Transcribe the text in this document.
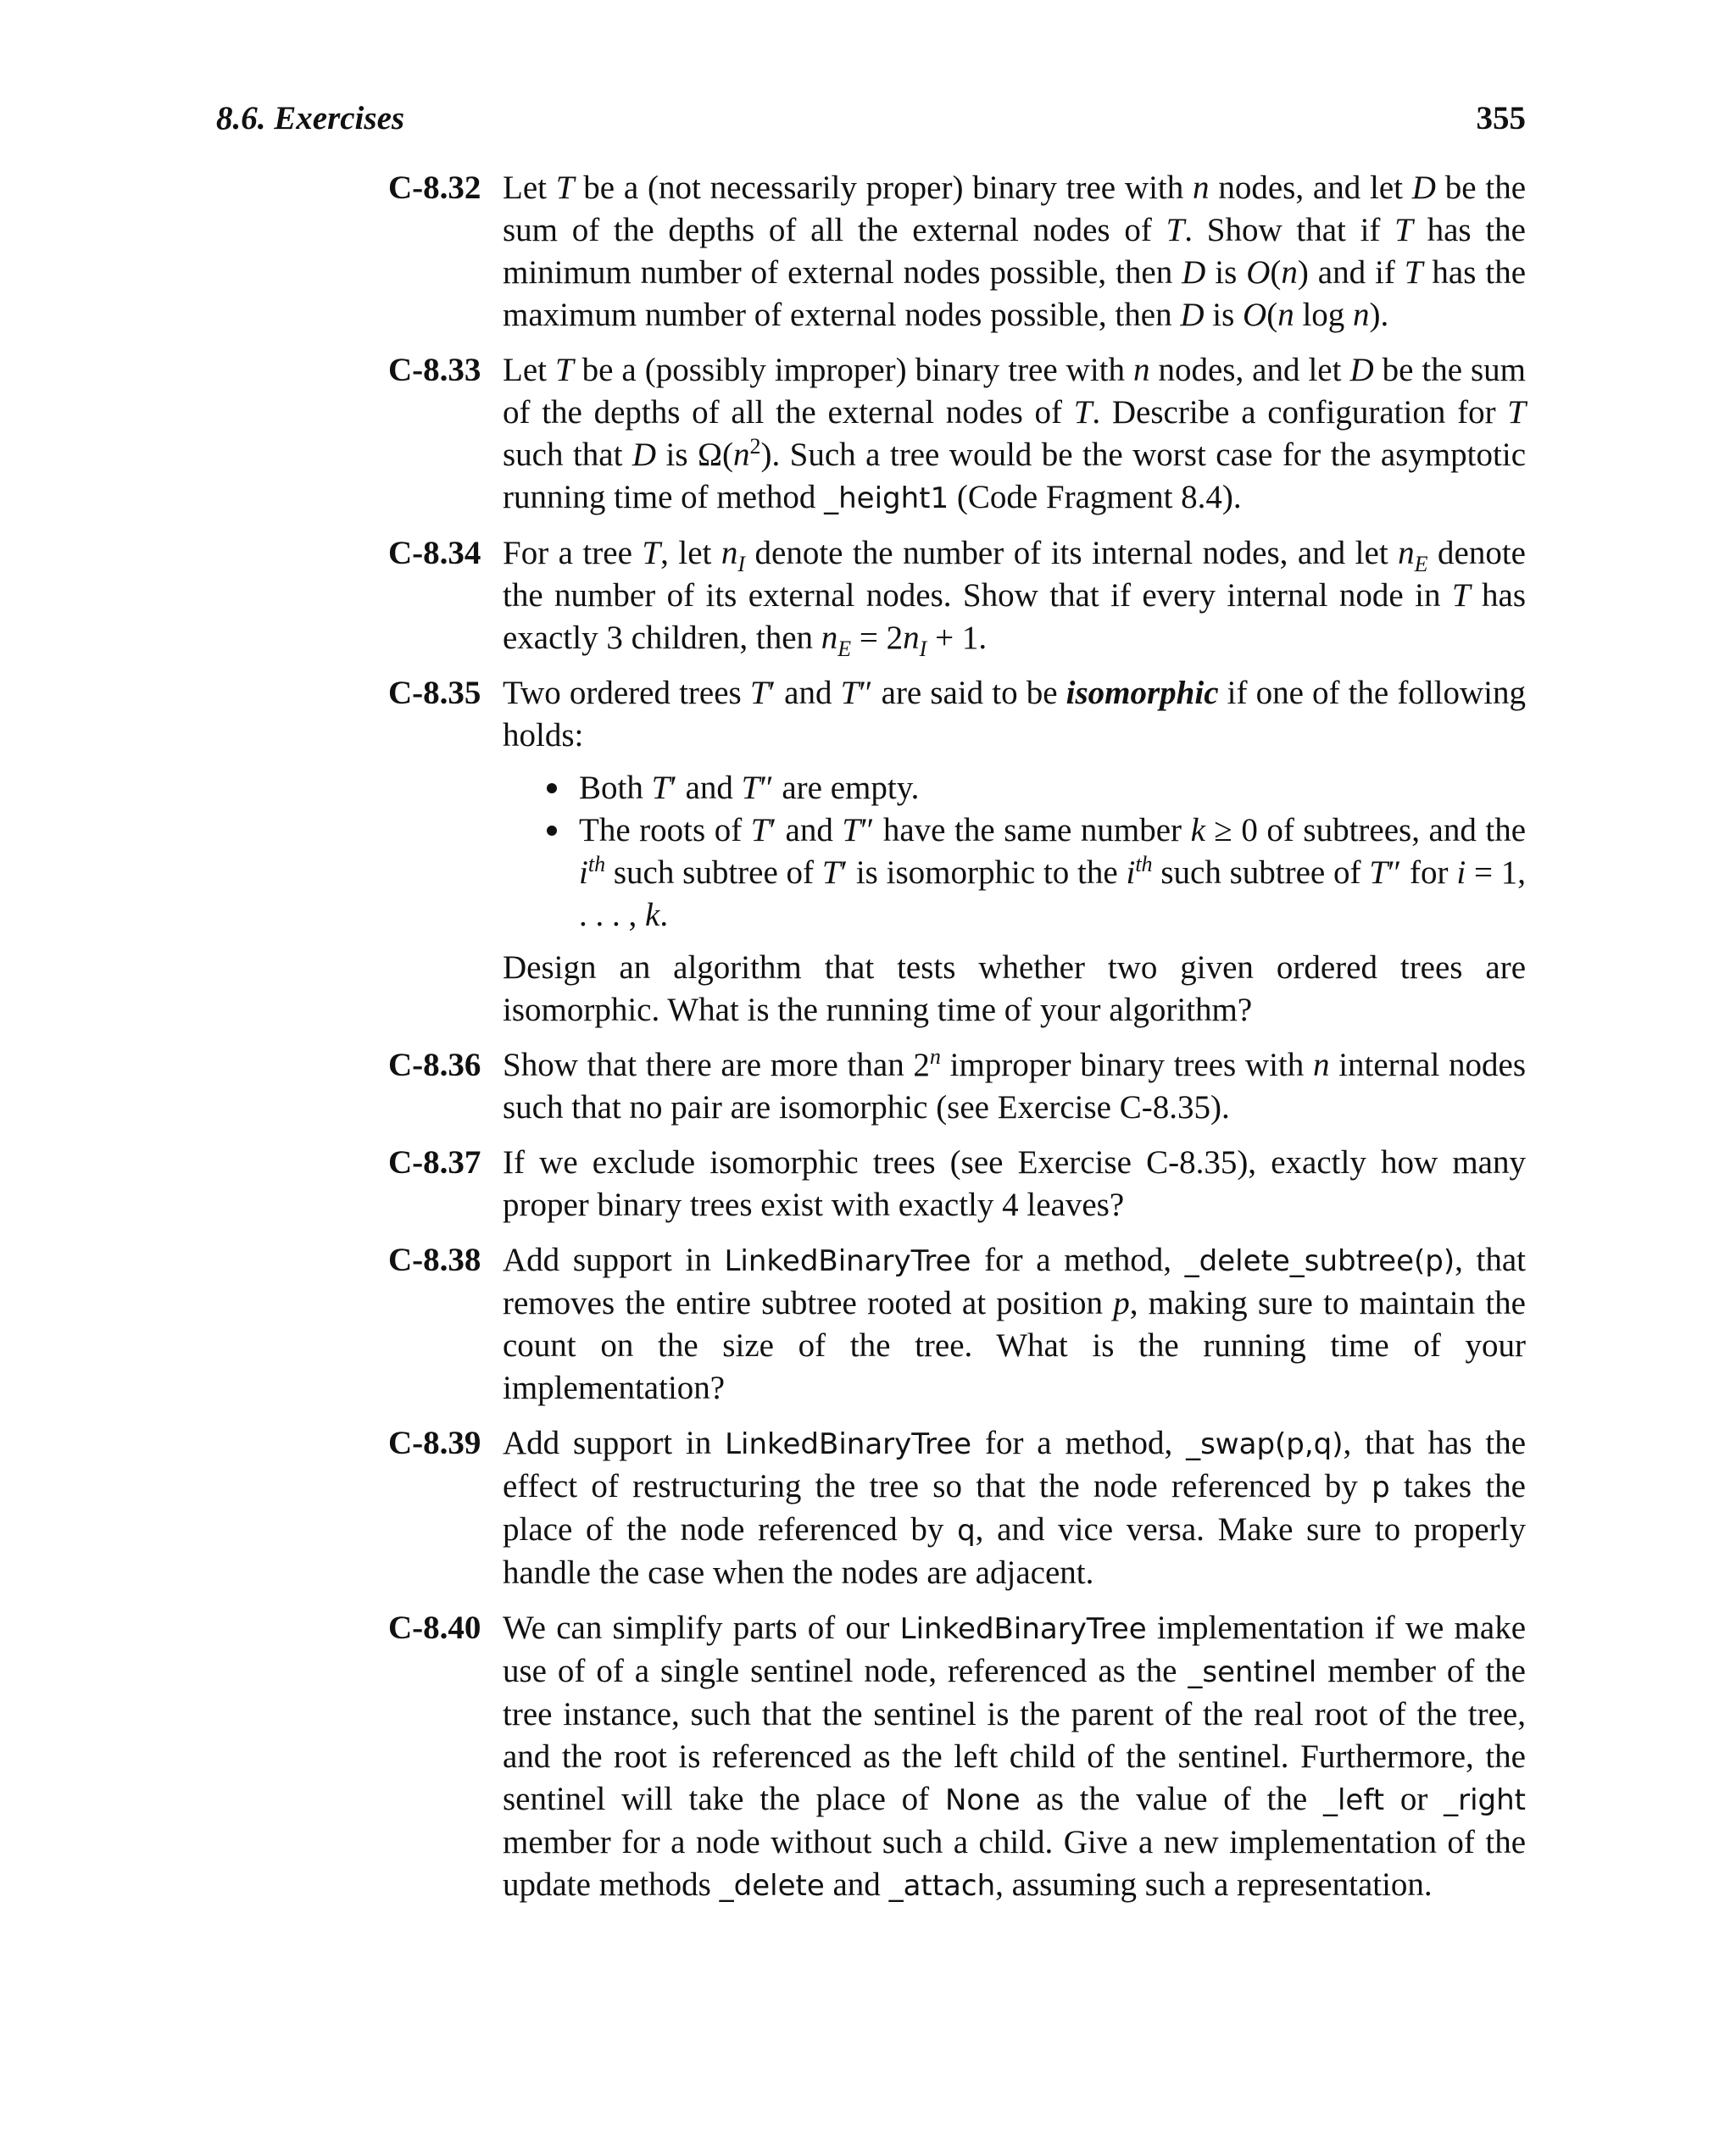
8.6. Exercises	355
C-8.32 Let T be a (not necessarily proper) binary tree with n nodes, and let D be the sum of the depths of all the external nodes of T. Show that if T has the minimum number of external nodes possible, then D is O(n) and if T has the maximum number of external nodes possible, then D is O(n log n).

C-8.33 Let T be a (possibly improper) binary tree with n nodes, and let D be the sum of the depths of all the external nodes of T. Describe a configuration for T such that D is $\Omega(n^2)$. Such a tree would be the worst case for the asymptotic running time of method _height1 (Code Fragment 8.4).

C-8.34 For a tree T, let $n_I$ denote the number of its internal nodes, and let $n_E$ denote the number of its external nodes. Show that if every internal node in T has exactly 3 children, then $n_E = 2n_I + 1$.

C-8.35 Two ordered trees T′ and T″ are said to be isomorphic if one of the following holds:

Both T′ and T″ are empty.
The roots of T′ and T″ have the same number k ≥ 0 of subtrees, and the $i^{th}$ such subtree of T′ is isomorphic to the $i^{th}$ such subtree of T″ for i = 1, . . . , k.

Design an algorithm that tests whether two given ordered trees are isomorphic. What is the running time of your algorithm?

C-8.36 Show that there are more than 2$^n$ improper binary trees with n internal nodes such that no pair are isomorphic (see Exercise C-8.35).

C-8.37 If we exclude isomorphic trees (see Exercise C-8.35), exactly how many proper binary trees exist with exactly 4 leaves?

C-8.38 Add support in LinkedBinaryTree for a method, _delete_subtree(p), that removes the entire subtree rooted at position p, making sure to maintain the count on the size of the tree. What is the running time of your implementation?

C-8.39 Add support in LinkedBinaryTree for a method, _swap(p,q), that has the effect of restructuring the tree so that the node referenced by p takes the place of the node referenced by q, and vice versa. Make sure to properly handle the case when the nodes are adjacent.

C-8.40 We can simplify parts of our LinkedBinaryTree implementation if we make use of of a single sentinel node, referenced as the _sentinel member of the tree instance, such that the sentinel is the parent of the real root of the tree, and the root is referenced as the left child of the sentinel. Furthermore, the sentinel will take the place of None as the value of the _left or _right member for a node without such a child. Give a new implementation of the update methods _delete and _attach, assuming such a representation.
